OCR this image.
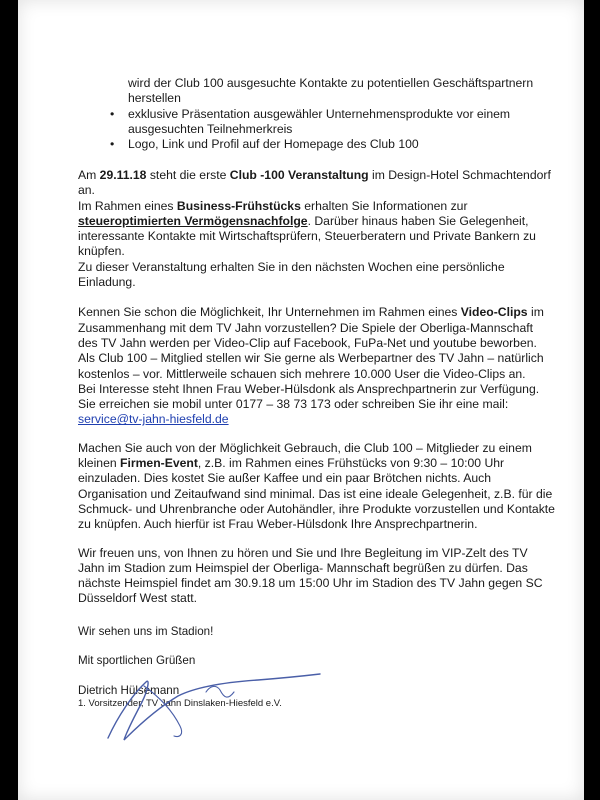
wird der Club 100 ausgesuchte Kontakte zu potentiellen Geschäftspartnern herstellen
• exklusive Präsentation ausgewähler Unternehmensprodukte vor einem ausgesuchten Teilnehmerkreis
• Logo, Link und Profil auf der Homepage des Club 100

Am 29.11.18 steht die erste Club -100 Veranstaltung im Design-Hotel Schmachtendorf an.
Im Rahmen eines Business-Frühstücks erhalten Sie Informationen zur steueroptimierten Vermögensnachfolge. Darüber hinaus haben Sie Gelegenheit, interessante Kontakte mit Wirtschaftsprüfern, Steuerberatern und Private Bankern zu knüpfen.
Zu dieser Veranstaltung erhalten Sie in den nächsten Wochen eine persönliche Einladung.

Kennen Sie schon die Möglichkeit, Ihr Unternehmen im Rahmen eines Video-Clips im Zusammenhang mit dem TV Jahn vorzustellen? Die Spiele der Oberliga-Mannschaft des TV Jahn werden per Video-Clip auf Facebook, FuPa-Net und youtube beworben. Als Club 100 – Mitglied stellen wir Sie gerne als Werbepartner des TV Jahn – natürlich kostenlos – vor. Mittlerweile schauen sich mehrere 10.000 User die Video-Clips an.
Bei Interesse steht Ihnen Frau Weber-Hülsdonk als Ansprechpartnerin zur Verfügung. Sie erreichen sie mobil unter 0177 – 38 73 173 oder schreiben Sie ihr eine mail: service@tv-jahn-hiesfeld.de

Machen Sie auch von der Möglichkeit Gebrauch, die Club 100 – Mitglieder zu einem kleinen Firmen-Event, z.B. im Rahmen eines Frühstücks von 9:30 – 10:00 Uhr einzuladen. Dies kostet Sie außer Kaffee und ein paar Brötchen nichts. Auch Organisation und Zeitaufwand sind minimal. Das ist eine ideale Gelegenheit, z.B. für die Schmuck- und Uhrenbranche oder Autohändler, ihre Produkte vorzustellen und Kontakte zu knüpfen. Auch hierfür ist Frau Weber-Hülsdonk Ihre Ansprechpartnerin.

Wir freuen uns, von Ihnen zu hören und Sie und Ihre Begleitung im VIP-Zelt des TV Jahn im Stadion zum Heimspiel der Oberliga- Mannschaft begrüßen zu dürfen. Das nächste Heimspiel findet am 30.9.18 um 15:00 Uhr im Stadion des TV Jahn gegen SC Düsseldorf West statt.

Wir sehen uns im Stadion!
Mit sportlichen Grüßen
Dietrich Hülsemann
1. Vorsitzender, TV Jahn Dinslaken-Hiesfeld e.V.
